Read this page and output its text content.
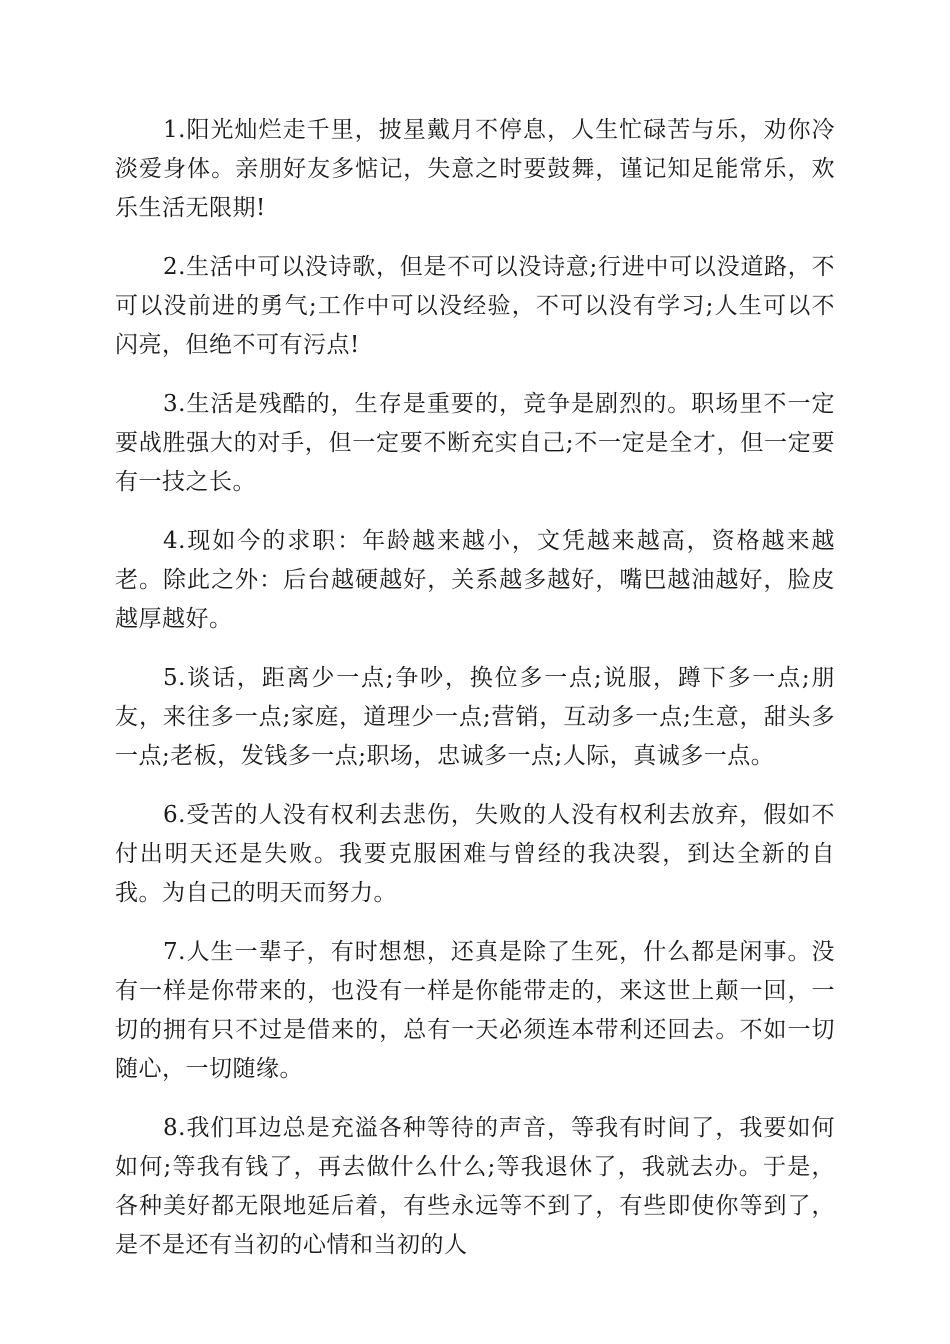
1.阳光灿烂走千里，披星戴月不停息，人生忙碌苦与乐，劝你冷淡爱身体。亲朋好友多惦记，失意之时要鼓舞，谨记知足能常乐，欢乐生活无限期!

2.生活中可以没诗歌，但是不可以没诗意;行进中可以没道路，不可以没前进的勇气;工作中可以没经验，不可以没有学习;人生可以不闪亮，但绝不可有污点!

3.生活是残酷的，生存是重要的，竞争是剧烈的。职场里不一定要战胜强大的对手，但一定要不断充实自己;不一定是全才，但一定要有一技之长。

4.现如今的求职：年龄越来越小，文凭越来越高，资格越来越老。除此之外：后台越硬越好，关系越多越好，嘴巴越油越好，脸皮越厚越好。

5.谈话，距离少一点;争吵，换位多一点;说服，蹲下多一点;朋友，来往多一点;家庭，道理少一点;营销，互动多一点;生意，甜头多一点;老板，发钱多一点;职场，忠诚多一点;人际，真诚多一点。

6.受苦的人没有权利去悲伤，失败的人没有权利去放弃，假如不付出明天还是失败。我要克服困难与曾经的我决裂，到达全新的自我。为自己的明天而努力。

7.人生一辈子，有时想想，还真是除了生死，什么都是闲事。没有一样是你带来的，也没有一样是你能带走的，来这世上颠一回，一切的拥有只不过是借来的，总有一天必须连本带利还回去。不如一切随心，一切随缘。

8.我们耳边总是充溢各种等待的声音，等我有时间了，我要如何如何;等我有钱了，再去做什么什么;等我退休了，我就去办。于是，各种美好都无限地延后着，有些永远等不到了，有些即使你等到了，是不是还有当初的心情和当初的人
